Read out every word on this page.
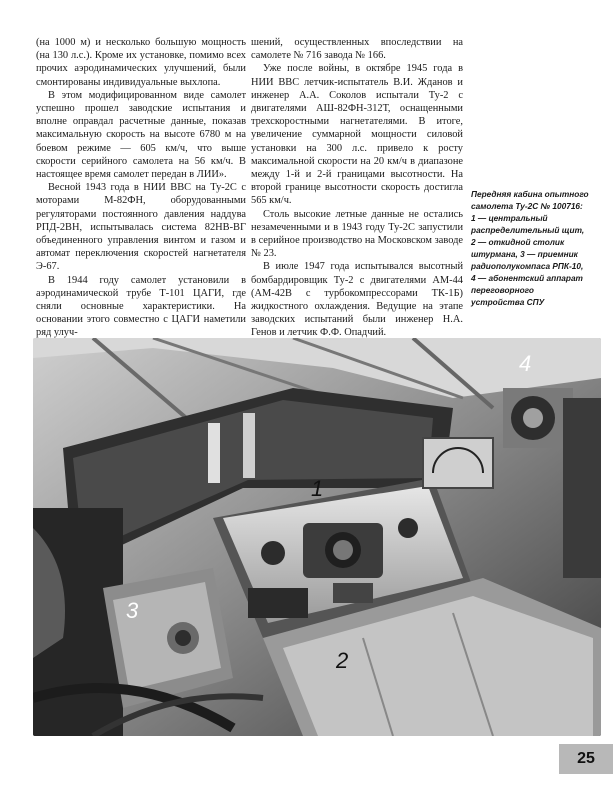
(на 1000 м) и несколько большую мощность (на 130 л.с.). Кроме их установке, помимо всех прочих аэродинамических улучшений, были смонтированы индивидуальные выхлопа.

В этом модифицированном виде самолет успешно прошел заводские испытания и вполне оправдал расчетные данные, показав максимальную скорость на высоте 6780 м на боевом режиме — 605 км/ч, что выше скорости серийного самолета на 56 км/ч. В настоящее время самолет передан в ЛИИ».

Весной 1943 года в НИИ ВВС на Ту-2С с моторами М-82ФН, оборудованными регуляторами постоянного давления наддува РПД-2ВН, испытывалась система 82НВ-ВГ объединенного управления винтом и газом и автомат переключения скоростей нагнетателя Э-67.

В 1944 году самолет установили в аэродинамической трубе Т-101 ЦАГИ, где сняли основные характеристики. На основании этого совместно с ЦАГИ наметили ряд улуч-

шений, осуществленных впоследствии на самолете № 716 завода № 166.

Уже после войны, в октябре 1945 года в НИИ ВВС летчик-испытатель В.И. Жданов и инженер А.А. Соколов испытали Ту-2 с двигателями АШ-82ФН-312Т, оснащенными трехскоростными нагнетателями. В итоге, увеличение суммарной мощности силовой установки на 300 л.с. привело к росту максимальной скорости на 20 км/ч в диапазоне между 1-й и 2-й границами высотности. На второй границе высотности скорость достигла 565 км/ч.

Столь высокие летные данные не остались незамеченными и в 1943 году Ту-2С запустили в серийное производство на Московском заводе № 23.

В июле 1947 года испытывался высотный бомбардировщик Ту-2 с двигателями АМ-44 (АМ-42В с турбокомпрессорами ТК-1Б) жидкостного охлаждения. Ведущие на этапе заводских испытаний были инженер Н.А. Генов и летчик Ф.Ф. Опадчий.

Передняя кабина опытного самолета Ту-2С № 100716: 1 — центральный распределительный щит, 2 — откидной столик штурмана, 3 — приемник радиополукомпаса РПК-10, 4 — абонентский аппарат переговорного устройства СПУ
1
2
3
4
25
